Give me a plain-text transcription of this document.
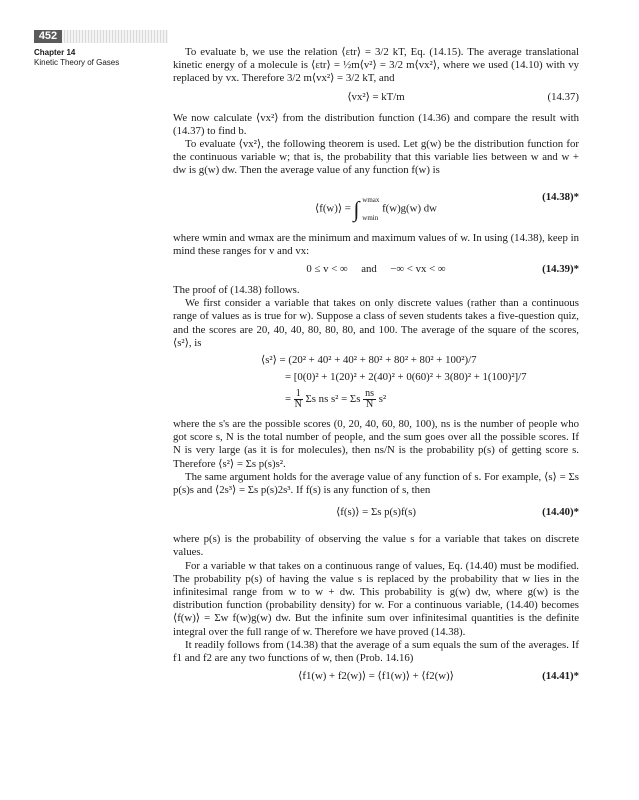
452
Chapter 14
Kinetic Theory of Gases

To evaluate b, we use the relation ⟨εtr⟩ = 3/2 kT, Eq. (14.15). The average translational kinetic energy of a molecule is ⟨εtr⟩ = ½m⟨v²⟩ = 3/2 m⟨vx²⟩, where we used (14.10) with vy replaced by vx. Therefore 3/2 m⟨vx²⟩ = 3/2 kT, and

⟨vx²⟩ = kT/m	(14.37)

We now calculate ⟨vx²⟩ from the distribution function (14.36) and compare the result with (14.37) to find b.

To evaluate ⟨vx²⟩, the following theorem is used. Let g(w) be the distribution function for the continuous variable w; that is, the probability that this variable lies between w and w + dw is g(w) dw. Then the average value of any function f(w) is

⟨f(w)⟩ = ∫ wmax
wmin
f(w)g(w) dw
(14.38)*

where wmin and wmax are the minimum and maximum values of w. In using (14.38), keep in mind these ranges for v and vx:

0 ≤ v < ∞     and     −∞ < vx < ∞	(14.39)*

The proof of (14.38) follows.

We first consider a variable that takes on only discrete values (rather than a continuous range of values as is true for w). Suppose a class of seven students takes a five-question quiz, and the scores are 20, 40, 40, 80, 80, 80, and 100. The average of the square of the scores, ⟨s²⟩, is

⟨s²⟩ = (20² + 40² + 40² + 80² + 80² + 80² + 100²)/7
= [0(0)² + 1(20)² + 2(40)² + 0(60)² + 3(80)² + 1(100)²]/7
= $\frac{1}{N}$ Σs ns s² = Σs $\frac{ns}{N} s^2$

where the s's are the possible scores (0, 20, 40, 60, 80, 100), ns is the number of people who got score s, N is the total number of people, and the sum goes over all the possible scores. If N is very large (as it is for molecules), then ns/N is the probability p(s) of getting score s. Therefore ⟨s²⟩ = Σs p(s)s².

The same argument holds for the average value of any function of s. For example, ⟨s⟩ = Σs p(s)s and ⟨2s³⟩ = Σs p(s)2s³. If f(s) is any function of s, then

⟨f(s)⟩ = Σs p(s)f(s)	(14.40)*

where p(s) is the probability of observing the value s for a variable that takes on discrete values.

For a variable w that takes on a continuous range of values, Eq. (14.40) must be modified. The probability p(s) of having the value s is replaced by the probability that w lies in the infinitesimal range from w to w + dw. This probability is g(w) dw, where g(w) is the distribution function (probability density) for w. For a continuous variable, (14.40) becomes ⟨f(w)⟩ = Σw f(w)g(w) dw. But the infinite sum over infinitesimal quantities is the definite integral over the full range of w. Therefore we have proved (14.38).

It readily follows from (14.38) that the average of a sum equals the sum of the averages. If f1 and f2 are any two functions of w, then (Prob. 14.16)

⟨f1(w) + f2(w)⟩ = ⟨f1(w)⟩ + ⟨f2(w)⟩	(14.41)*
